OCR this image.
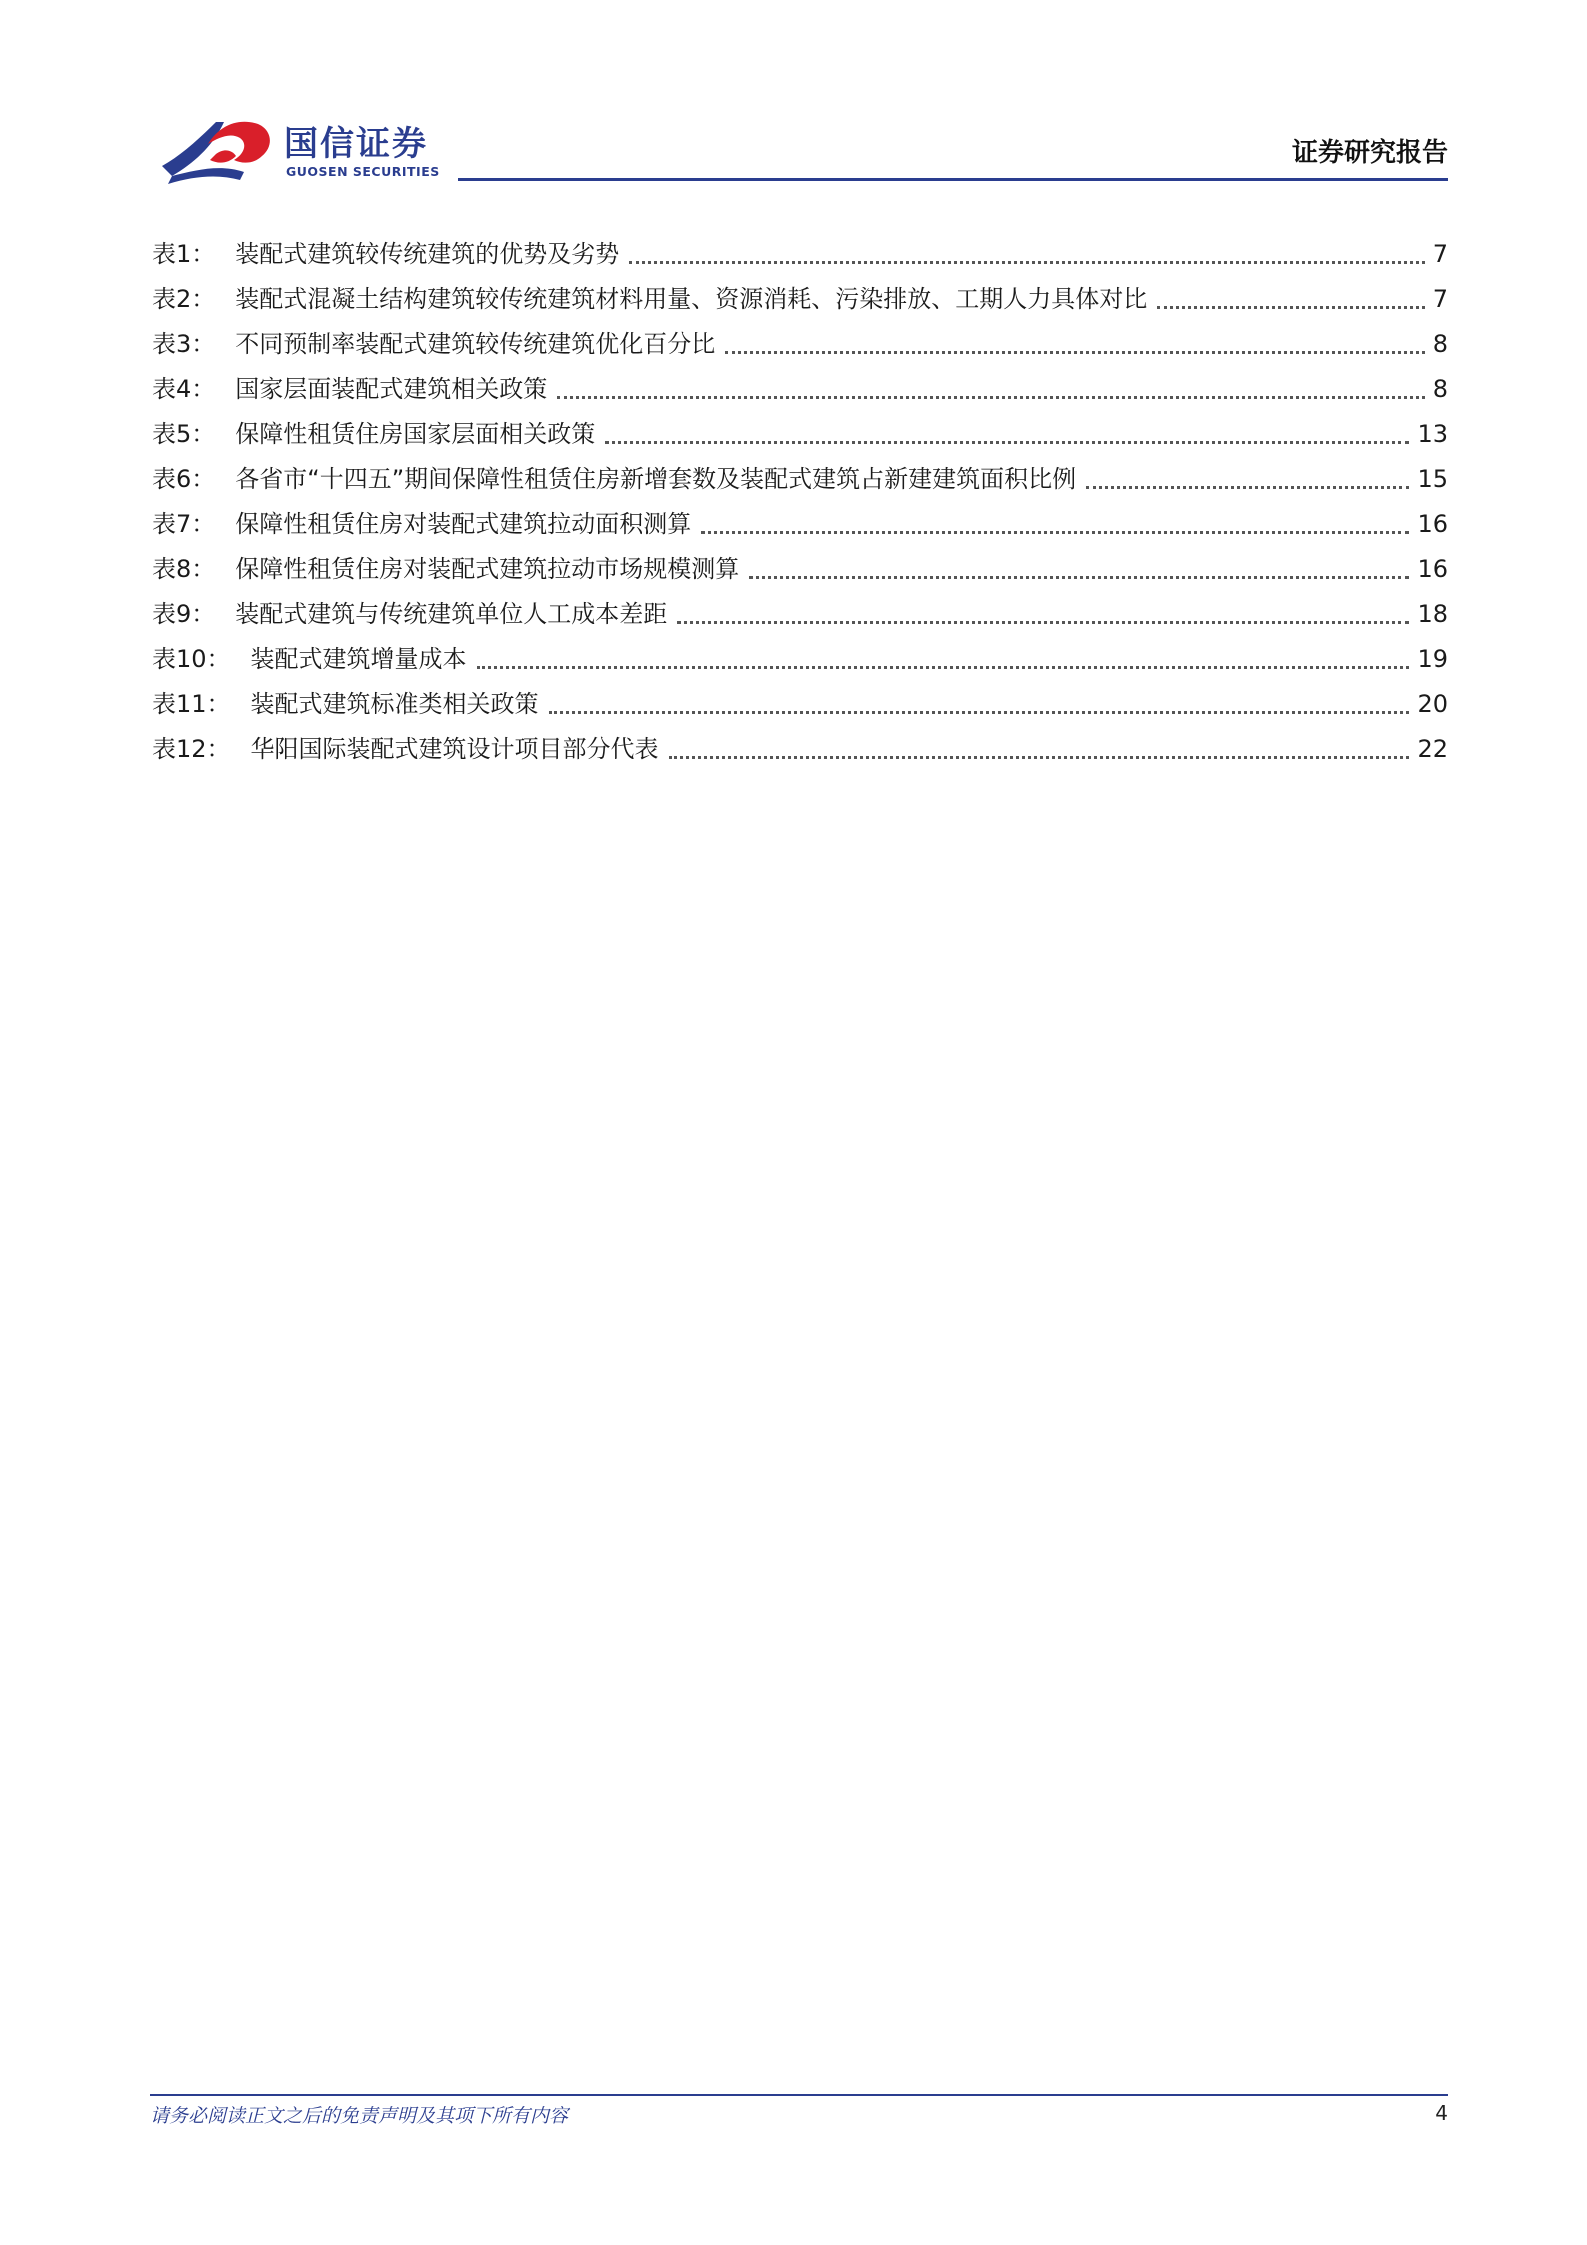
国信证券
GUOSEN SECURITIES
证券研究报告
表1： 装配式建筑较传统建筑的优势及劣势	7
表2： 装配式混凝土结构建筑较传统建筑材料用量、资源消耗、污染排放、工期人力具体对比	7
表3： 不同预制率装配式建筑较传统建筑优化百分比	8
表4： 国家层面装配式建筑相关政策	8
表5： 保障性租赁住房国家层面相关政策	13
表6： 各省市“十四五”期间保障性租赁住房新增套数及装配式建筑占新建建筑面积比例	15
表7： 保障性租赁住房对装配式建筑拉动面积测算	16
表8： 保障性租赁住房对装配式建筑拉动市场规模测算	16
表9： 装配式建筑与传统建筑单位人工成本差距	18
表10： 装配式建筑增量成本	19
表11： 装配式建筑标准类相关政策	20
表12： 华阳国际装配式建筑设计项目部分代表	22
请务必阅读正文之后的免责声明及其项下所有内容	4
